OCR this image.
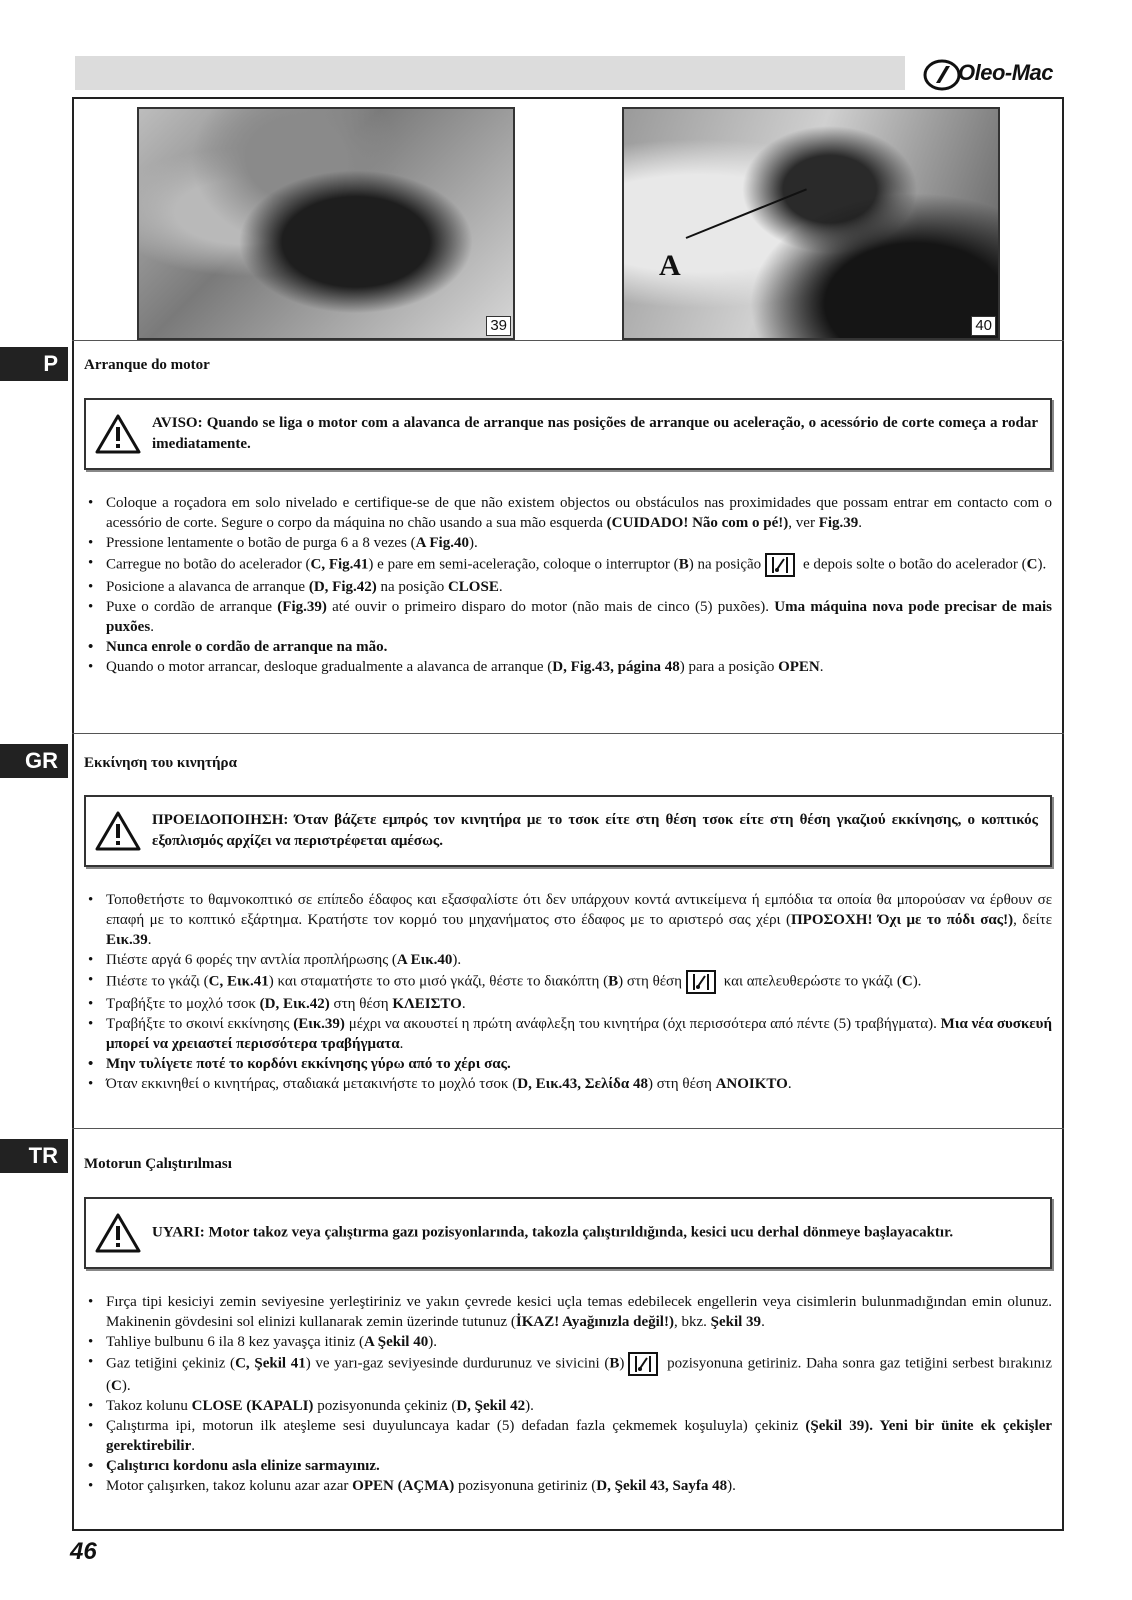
Oleo-Mac
39
A
40
P	Arranque do motor
AVISO: Quando se liga o motor com a alavanca de arranque nas posições de arranque ou aceleração, o acessório de corte começa a rodar imediatamente.
• Coloque a roçadora em solo nivelado e certifique-se de que não existem objectos ou obstáculos nas proximidades que possam entrar em contacto com o acessório de corte. Segure o corpo da máquina no chão usando a sua mão esquerda (CUIDADO! Não com o pé!), ver Fig.39.
• Pressione lentamente o botão de purga 6 a 8 vezes (A Fig.40).
• Carregue no botão do acelerador (C, Fig.41) e pare em semi-aceleração, coloque o interruptor (B) na posição	e depois solte o botão do acelerador (C).
• Posicione a alavanca de arranque (D, Fig.42) na posição CLOSE.
• Puxe o cordão de arranque (Fig.39) até ouvir o primeiro disparo do motor (não mais de cinco (5) puxões). Uma máquina nova pode precisar de mais puxões.
• Nunca enrole o cordão de arranque na mão.
• Quando o motor arrancar, desloque gradualmente a alavanca de arranque (D, Fig.43, página 48) para a posição OPEN.
GR	Εκκίνηση του κινητήρα
ΠΡΟΕΙΔΟΠΟΙΗΣΗ: Όταν βάζετε εμπρός τον κινητήρα με το τσοκ είτε στη θέση τσοκ είτε στη θέση γκαζιού εκκίνησης, ο κοπτικός εξοπλισμός αρχίζει να περιστρέφεται αμέσως.
• Τοποθετήστε το θαμνοκοπτικό σε επίπεδο έδαφος και εξασφαλίστε ότι δεν υπάρχουν κοντά αντικείμενα ή εμπόδια τα οποία θα μπορούσαν να έρθουν σε επαφή με το κοπτικό εξάρτημα. Κρατήστε τον κορμό του μηχανήματος στο έδαφος με το αριστερό σας χέρι (ΠΡΟΣΟΧΗ! Όχι με το πόδι σας!), δείτε Εικ.39.
• Πιέστε αργά 6 φορές την αντλία προπλήρωσης (A Εικ.40).
• Πιέστε το γκάζι (C, Εικ.41) και σταματήστε το στο μισό γκάζι, θέστε το διακόπτη (B) στη θέση	και απελευθερώστε το γκάζι (C).
• Τραβήξτε το μοχλό τσοκ (D, Εικ.42) στη θέση ΚΛΕΙΣΤΟ.
• Τραβήξτε το σκοινί εκκίνησης (Εικ.39) μέχρι να ακουστεί η πρώτη ανάφλεξη του κινητήρα (όχι περισσότερα από πέντε (5) τραβήγματα). Μια νέα συσκευή μπορεί να χρειαστεί περισσότερα τραβήγματα.
• Μην τυλίγετε ποτέ το κορδόνι εκκίνησης γύρω από το χέρι σας.
• Όταν εκκινηθεί ο κινητήρας, σταδιακά μετακινήστε το μοχλό τσοκ (D, Εικ.43, Σελίδα 48) στη θέση ΑΝΟΙΚΤΟ.
TR	Motorun Çalıştırılması
UYARI: Motor takoz veya çalıştırma gazı pozisyonlarında, takozla çalıştırıldığında, kesici ucu derhal dönmeye başlayacaktır.
• Fırça tipi kesiciyi zemin seviyesine yerleştiriniz ve yakın çevrede kesici uçla temas edebilecek engellerin veya cisimlerin bulunmadığından emin olunuz. Makinenin gövdesini sol elinizi kullanarak zemin üzerinde tutunuz (İKAZ! Ayağınızla değil!), bkz. Şekil 39.
• Tahliye bulbunu 6 ila 8 kez yavaşça itiniz (A Şekil 40).
• Gaz tetiğini çekiniz (C, Şekil 41) ve yarı-gaz seviyesinde durdurunuz ve sivicini (B)	pozisyonuna getiriniz. Daha sonra gaz tetiğini serbest bırakınız (C).
• Takoz kolunu CLOSE (KAPALI) pozisyonunda çekiniz (D, Şekil 42).
• Çalıştırma ipi, motorun ilk ateşleme sesi duyuluncaya kadar (5) defadan fazla çekmemek koşuluyla) çekiniz (Şekil 39). Yeni bir ünite ek çekişler gerektirebilir.
• Çalıştırıcı kordonu asla elinize sarmayınız.
• Motor çalışırken, takoz kolunu azar azar OPEN (AÇMA) pozisyonuna getiriniz (D, Şekil 43, Sayfa 48).
46
